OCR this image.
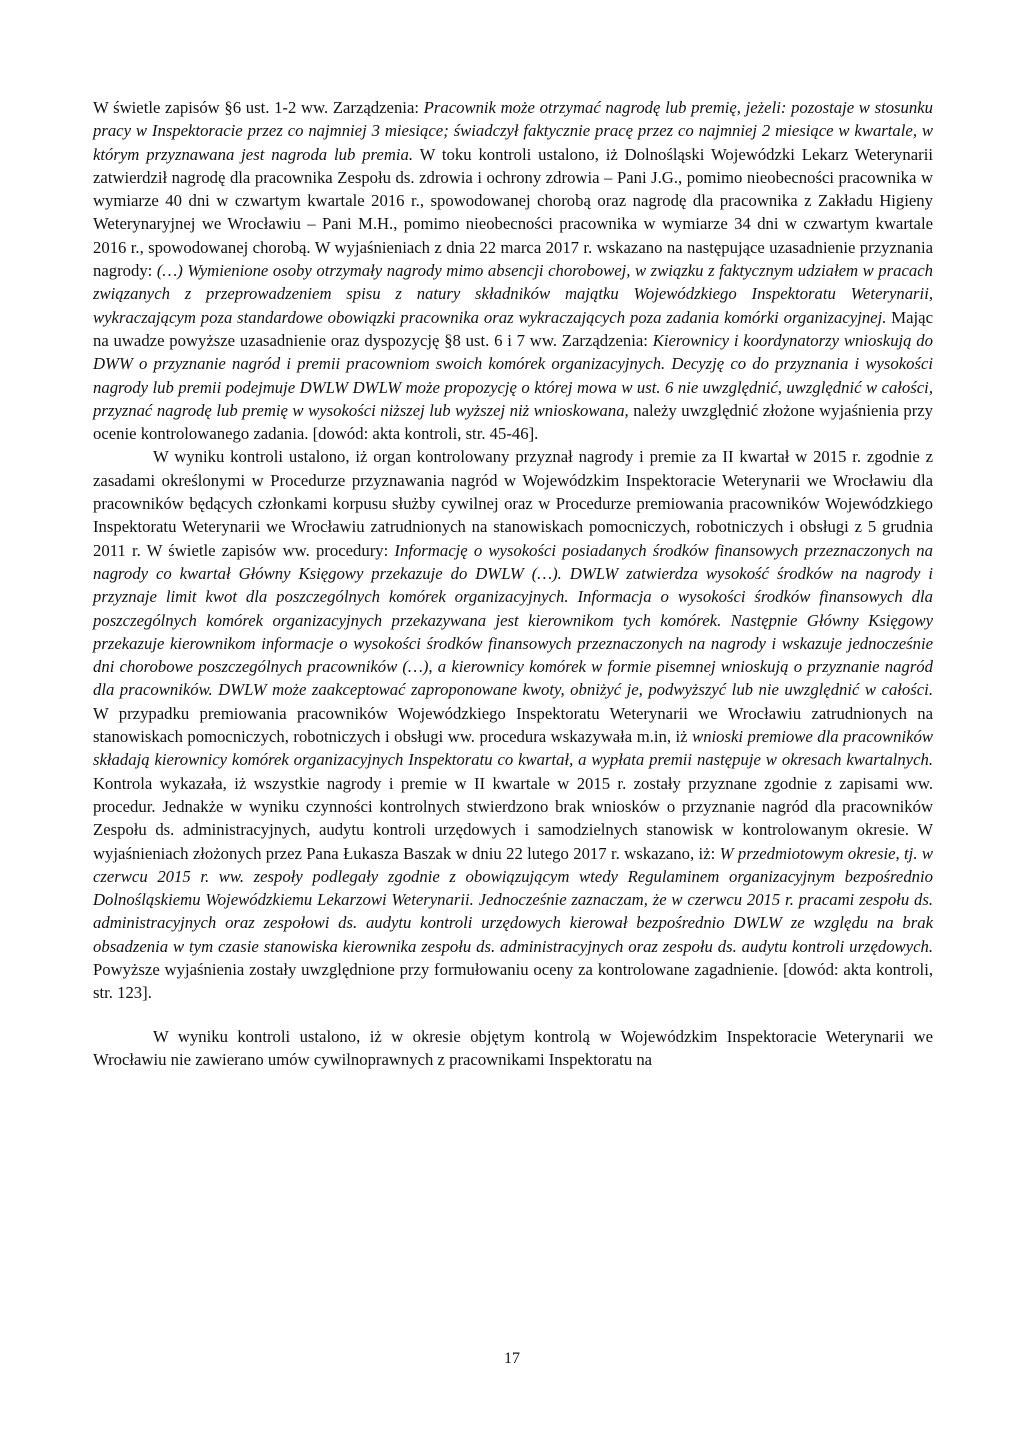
W świetle zapisów §6 ust. 1-2 ww. Zarządzenia: Pracownik może otrzymać nagrodę lub premię, jeżeli: pozostaje w stosunku pracy w Inspektoracie przez co najmniej 3 miesiące; świadczył faktycznie pracę przez co najmniej 2 miesiące w kwartale, w którym przyznawana jest nagroda lub premia. W toku kontroli ustalono, iż Dolnośląski Wojewódzki Lekarz Weterynarii zatwierdził nagrodę dla pracownika Zespołu ds. zdrowia i ochrony zdrowia – Pani J.G., pomimo nieobecności pracownika w wymiarze 40 dni w czwartym kwartale 2016 r., spowodowanej chorobą oraz nagrodę dla pracownika z Zakładu Higieny Weterynaryjnej we Wrocławiu – Pani M.H., pomimo nieobecności pracownika w wymiarze 34 dni w czwartym kwartale 2016 r., spowodowanej chorobą. W wyjaśnieniach z dnia 22 marca 2017 r. wskazano na następujące uzasadnienie przyznania nagrody: (…) Wymienione osoby otrzymały nagrody mimo absencji chorobowej, w związku z faktycznym udziałem w pracach związanych z przeprowadzeniem spisu z natury składników majątku Wojewódzkiego Inspektoratu Weterynarii, wykraczającym poza standardowe obowiązki pracownika oraz wykraczających poza zadania komórki organizacyjnej. Mając na uwadze powyższe uzasadnienie oraz dyspozycję §8 ust. 6 i 7 ww. Zarządzenia: Kierownicy i koordynatorzy wnioskują do DWW o przyznanie nagród i premii pracowniom swoich komórek organizacyjnych. Decyzję co do przyznania i wysokości nagrody lub premii podejmuje DWLW DWLW może propozycję o której mowa w ust. 6 nie uwzględnić, uwzględnić w całości, przyznać nagrodę lub premię w wysokości niższej lub wyższej niż wnioskowana, należy uwzględnić złożone wyjaśnienia przy ocenie kontrolowanego zadania. [dowód: akta kontroli, str. 45-46].

W wyniku kontroli ustalono, iż organ kontrolowany przyznał nagrody i premie za II kwartał w 2015 r. zgodnie z zasadami określonymi w Procedurze przyznawania nagród w Wojewódzkim Inspektoracie Weterynarii we Wrocławiu dla pracowników będących członkami korpusu służby cywilnej oraz w Procedurze premiowania pracowników Wojewódzkiego Inspektoratu Weterynarii we Wrocławiu zatrudnionych na stanowiskach pomocniczych, robotniczych i obsługi z 5 grudnia 2011 r. W świetle zapisów ww. procedury: Informację o wysokości posiadanych środków finansowych przeznaczonych na nagrody co kwartał Główny Księgowy przekazuje do DWLW (…). DWLW zatwierdza wysokość środków na nagrody i przyznaje limit kwot dla poszczególnych komórek organizacyjnych. Informacja o wysokości środków finansowych dla poszczególnych komórek organizacyjnych przekazywana jest kierownikom tych komórek. Następnie Główny Księgowy przekazuje kierownikom informacje o wysokości środków finansowych przeznaczonych na nagrody i wskazuje jednocześnie dni chorobowe poszczególnych pracowników (…), a kierownicy komórek w formie pisemnej wnioskują o przyznanie nagród dla pracowników. DWLW może zaakceptować zaproponowane kwoty, obniżyć je, podwyższyć lub nie uwzględnić w całości. W przypadku premiowania pracowników Wojewódzkiego Inspektoratu Weterynarii we Wrocławiu zatrudnionych na stanowiskach pomocniczych, robotniczych i obsługi ww. procedura wskazywała m.in, iż wnioski premiowe dla pracowników składają kierownicy komórek organizacyjnych Inspektoratu co kwartał, a wypłata premii następuje w okresach kwartalnych. Kontrola wykazała, iż wszystkie nagrody i premie w II kwartale w 2015 r. zostały przyznane zgodnie z zapisami ww. procedur. Jednakże w wyniku czynności kontrolnych stwierdzono brak wniosków o przyznanie nagród dla pracowników Zespołu ds. administracyjnych, audytu kontroli urzędowych i samodzielnych stanowisk w kontrolowanym okresie. W wyjaśnieniach złożonych przez Pana Łukasza Baszak w dniu 22 lutego 2017 r. wskazano, iż: W przedmiotowym okresie, tj. w czerwcu 2015 r. ww. zespoły podlegały zgodnie z obowiązującym wtedy Regulaminem organizacyjnym bezpośrednio Dolnośląskiemu Wojewódzkiemu Lekarzowi Weterynarii. Jednocześnie zaznaczam, że w czerwcu 2015 r. pracami zespołu ds. administracyjnych oraz zespołowi ds. audytu kontroli urzędowych kierował bezpośrednio DWLW ze względu na brak obsadzenia w tym czasie stanowiska kierownika zespołu ds. administracyjnych oraz zespołu ds. audytu kontroli urzędowych. Powyższe wyjaśnienia zostały uwzględnione przy formułowaniu oceny za kontrolowane zagadnienie. [dowód: akta kontroli, str. 123].

W wyniku kontroli ustalono, iż w okresie objętym kontrolą w Wojewódzkim Inspektoracie Weterynarii we Wrocławiu nie zawierano umów cywilnoprawnych z pracownikami Inspektoratu na

17
